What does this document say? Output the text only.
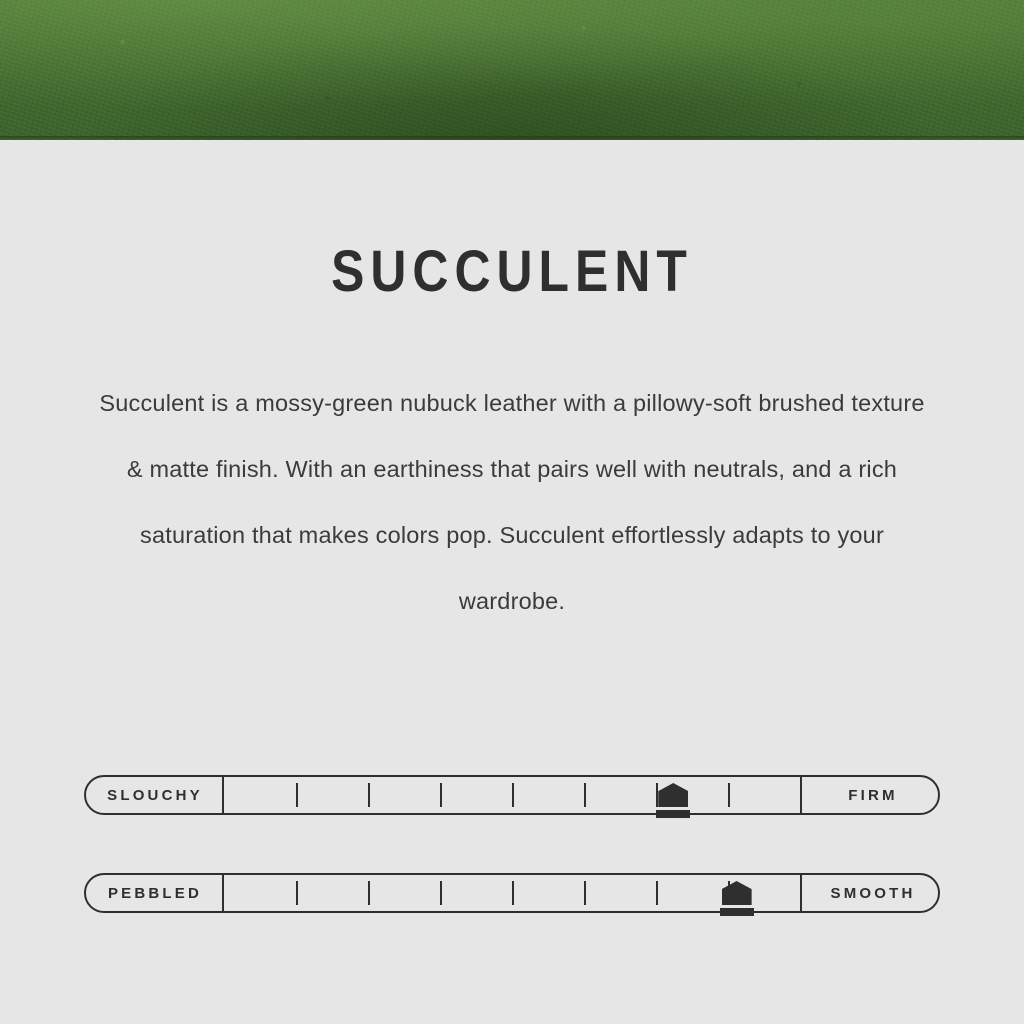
SUCCULENT
Succulent is a mossy-green nubuck leather with a pillowy-soft brushed texture & matte finish. With an earthiness that pairs well with neutrals, and a rich saturation that makes colors pop. Succulent effortlessly adapts to your wardrobe.
SLOUCHY	FIRM
PEBBLED	SMOOTH
